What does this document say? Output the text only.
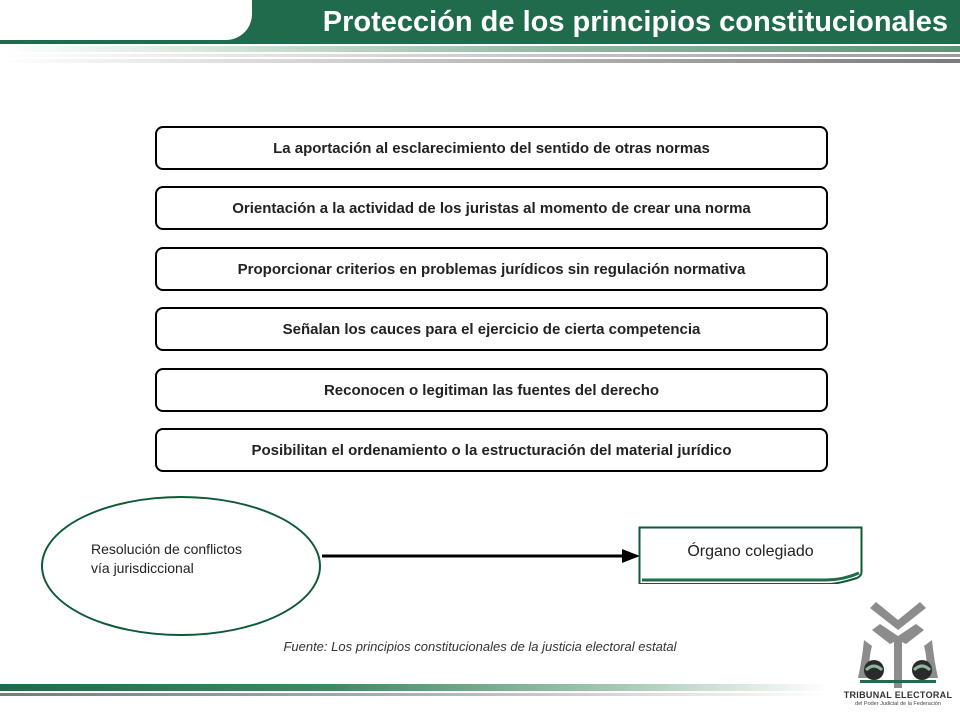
Protección de los principios constitucionales
La aportación al esclarecimiento del sentido de otras normas
Orientación a la actividad de los juristas al momento de crear una norma
Proporcionar criterios en problemas jurídicos sin regulación normativa
Señalan los cauces para el ejercicio de cierta competencia
Reconocen o legitiman las fuentes del derecho
Posibilitan el ordenamiento o la estructuración del material jurídico
Resolución de conflictos
vía jurisdiccional
Órgano colegiado
Fuente: Los principios constitucionales de la justicia electoral estatal
TRIBUNAL ELECTORAL
del Poder Judicial de la Federación
